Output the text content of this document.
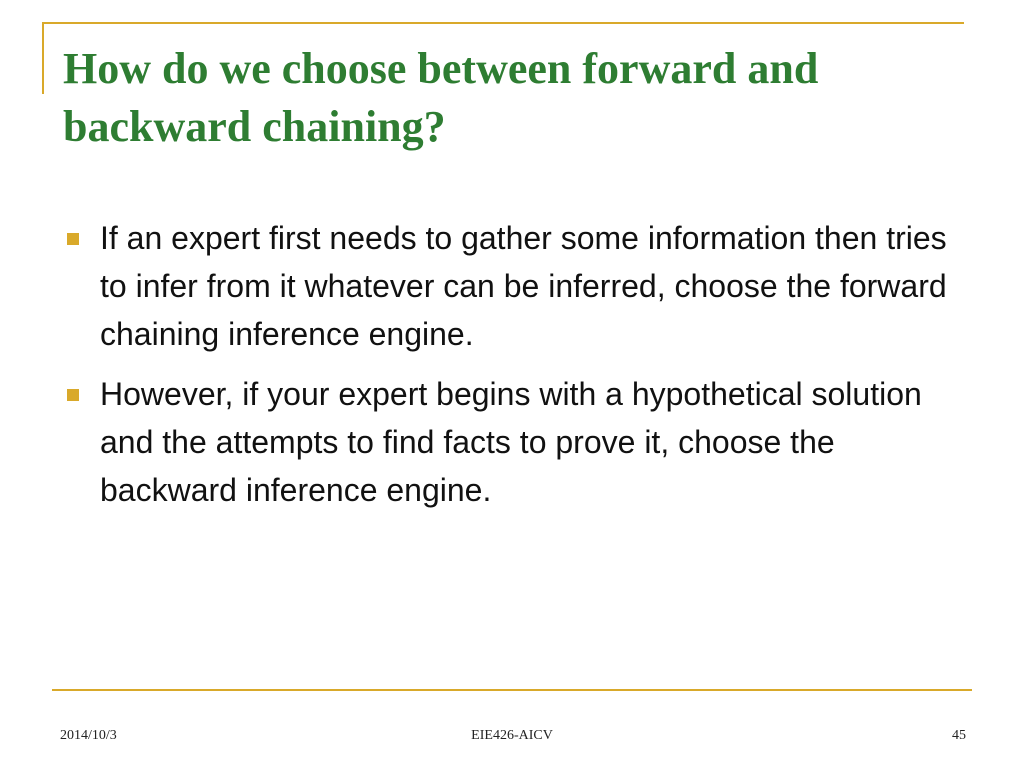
How do we choose between forward and backward chaining?
If an expert first needs to gather some information then tries to infer from it whatever can be inferred, choose the forward chaining inference engine.
However, if your expert begins with a hypothetical solution and the attempts to find facts to prove it, choose the backward inference engine.
2014/10/3	EIE426-AICV	45
